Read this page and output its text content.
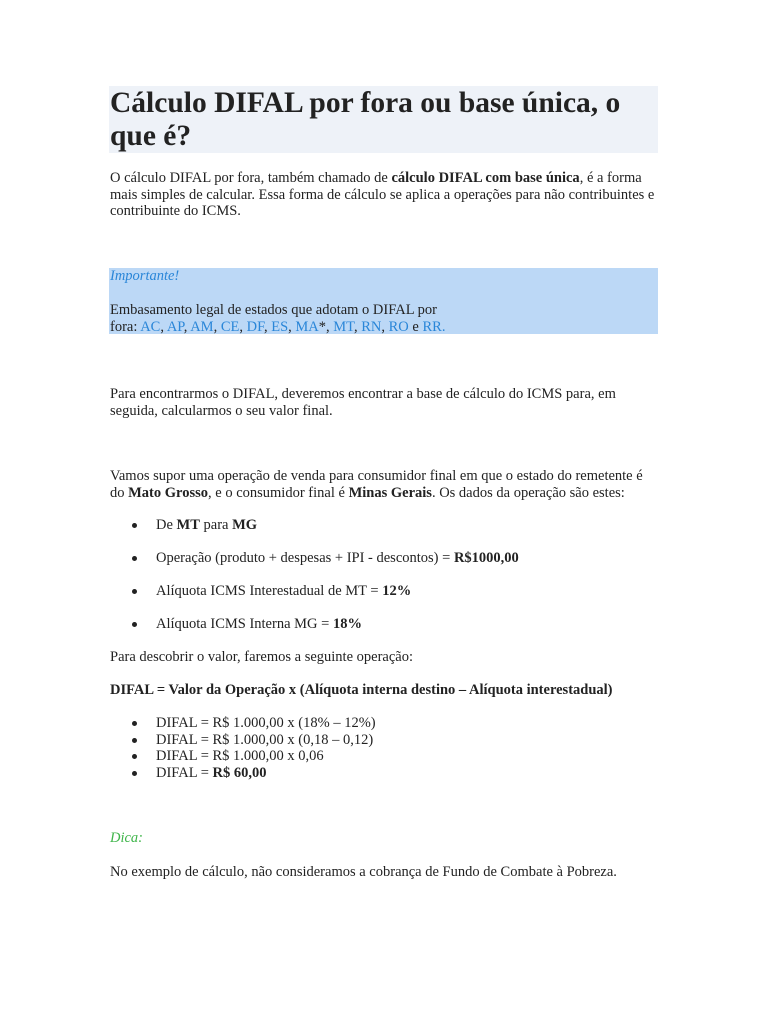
Cálculo DIFAL por fora ou base única, o que é?

O cálculo DIFAL por fora, também chamado de cálculo DIFAL com base única, é a forma mais simples de calcular. Essa forma de cálculo se aplica a operações para não contribuintes e contribuinte do ICMS.

Importante!
Embasamento legal de estados que adotam o DIFAL por
fora: AC, AP, AM, CE, DF, ES, MA*, MT, RN, RO e RR.

Para encontrarmos o DIFAL, deveremos encontrar a base de cálculo do ICMS para, em seguida, calcularmos o seu valor final.

Vamos supor uma operação de venda para consumidor final em que o estado do remetente é do Mato Grosso, e o consumidor final é Minas Gerais. Os dados da operação são estes:

De MT para MG
Operação (produto + despesas + IPI - descontos) = R$1000,00
Alíquota ICMS Interestadual de MT = 12%
Alíquota ICMS Interna MG = 18%

Para descobrir o valor, faremos a seguinte operação:

DIFAL = Valor da Operação x (Alíquota interna destino – Alíquota interestadual)

DIFAL = R$ 1.000,00 x (18% – 12%)
DIFAL = R$ 1.000,00 x (0,18 – 0,12)
DIFAL = R$ 1.000,00 x 0,06
DIFAL = R$ 60,00

Dica:

No exemplo de cálculo, não consideramos a cobrança de Fundo de Combate à Pobreza.
